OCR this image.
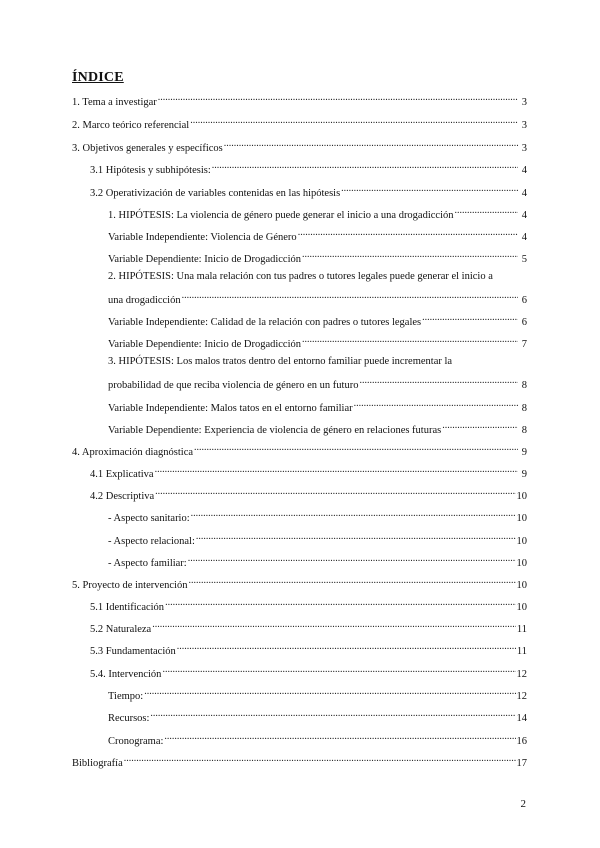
ÍNDICE
1. Tema a investigar .....	3
2. Marco teórico referencial .....	3
3. Objetivos generales y específicos .....	3
3.1 Hipótesis y subhipótesis: .....	4
3.2 Operativización de variables contenidas en las hipótesis .....	4
1. HIPÓTESIS: La violencia de género puede generar el inicio a una drogadicción .....	4
Variable Independiente: Violencia de Género .....	4
Variable Dependiente: Inicio de Drogadicción .....	5
2. HIPÓTESIS: Una mala relación con tus padres o tutores legales puede generar el inicio a
una drogadicción .....	6
Variable Independiente: Calidad de la relación con padres o tutores legales .....	6
Variable Dependiente: Inicio de Drogadicción .....	7
3. HIPÓTESIS: Los malos tratos dentro del entorno familiar puede incrementar la
probabilidad de que reciba violencia de género en un futuro .....	8
Variable Independiente: Malos tatos en el entorno familiar .....	8
Variable Dependiente: Experiencia de violencia de género en relaciones futuras .....	8
4. Aproximación diagnóstica .....	9
4.1 Explicativa .....	9
4.2 Descriptiva .....	10
- Aspecto sanitario: .....	10
- Aspecto relacional: .....	10
- Aspecto familiar: .....	10
5. Proyecto de intervención .....	10
5.1 Identificación .....	10
5.2 Naturaleza .....	11
5.3 Fundamentación .....	11
5.4. Intervención .....	12
Tiempo: .....	12
Recursos: .....	14
Cronograma: .....	16
Bibliografía .....	17
2
